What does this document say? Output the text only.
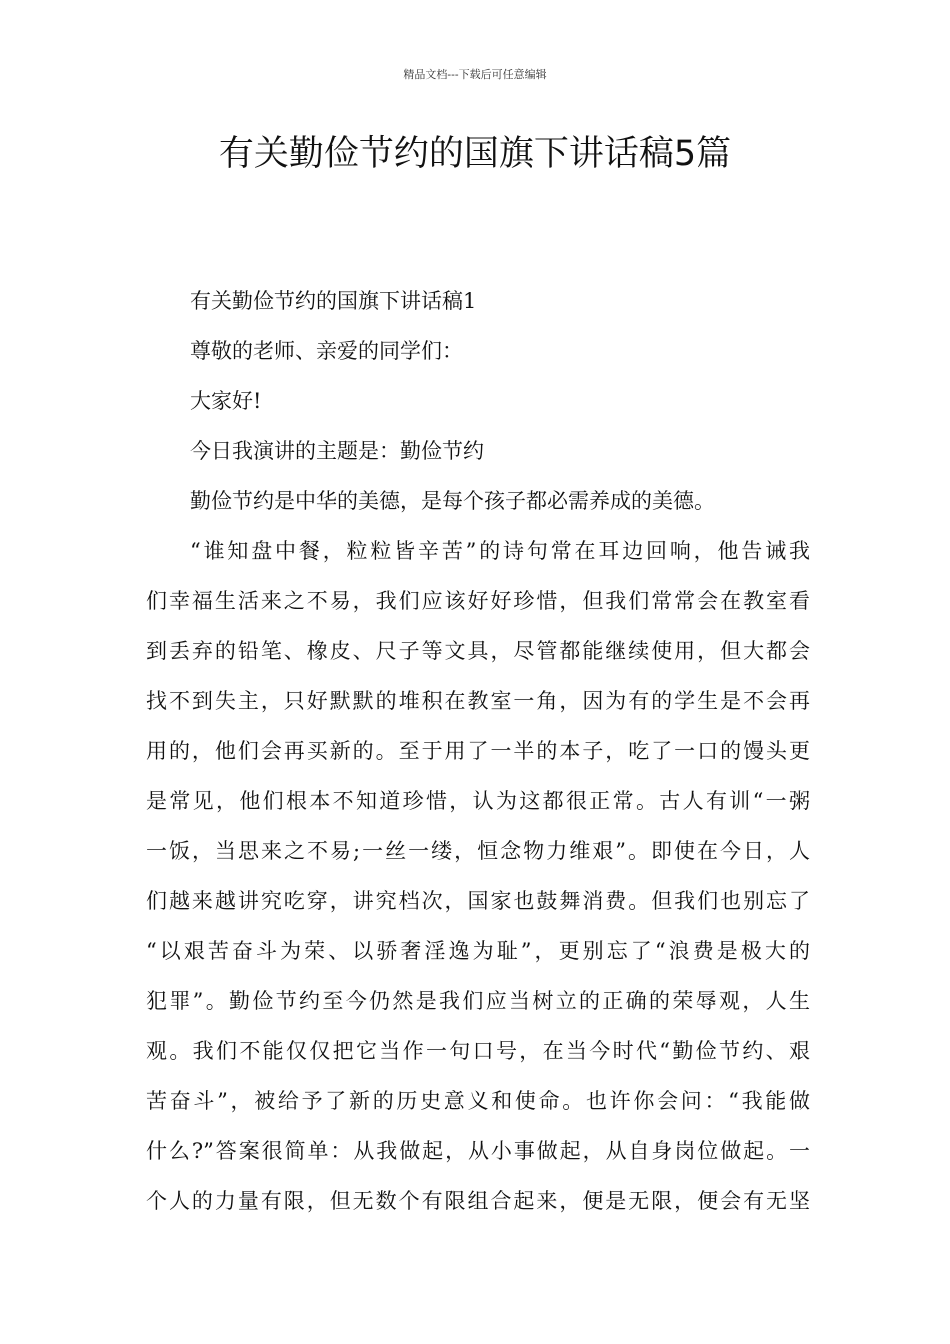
精品文档---下载后可任意编辑
有关勤俭节约的国旗下讲话稿5篇

有关勤俭节约的国旗下讲话稿1

尊敬的老师、亲爱的同学们：

大家好!

今日我演讲的主题是：勤俭节约

勤俭节约是中华的美德，是每个孩子都必需养成的美德。

“谁知盘中餐，粒粒皆辛苦”的诗句常在耳边回响，他告诫我
们幸福生活来之不易，我们应该好好珍惜，但我们常常会在教室看
到丢弃的铅笔、橡皮、尺子等文具，尽管都能继续使用，但大都会
找不到失主，只好默默的堆积在教室一角，因为有的学生是不会再
用的，他们会再买新的。至于用了一半的本子，吃了一口的馒头更
是常见，他们根本不知道珍惜，认为这都很正常。古人有训“一粥
一饭，当思来之不易;一丝一缕，恒念物力维艰”。即使在今日，人
们越来越讲究吃穿，讲究档次，国家也鼓舞消费。但我们也别忘了
“以艰苦奋斗为荣、以骄奢淫逸为耻”，更别忘了“浪费是极大的
犯罪”。勤俭节约至今仍然是我们应当树立的正确的荣辱观，人生
观。我们不能仅仅把它当作一句口号，在当今时代“勤俭节约、艰
苦奋斗”，被给予了新的历史意义和使命。也许你会问：“我能做
什么?”答案很简单：从我做起，从小事做起，从自身岗位做起。一
个人的力量有限，但无数个有限组合起来，便是无限，便会有无坚
